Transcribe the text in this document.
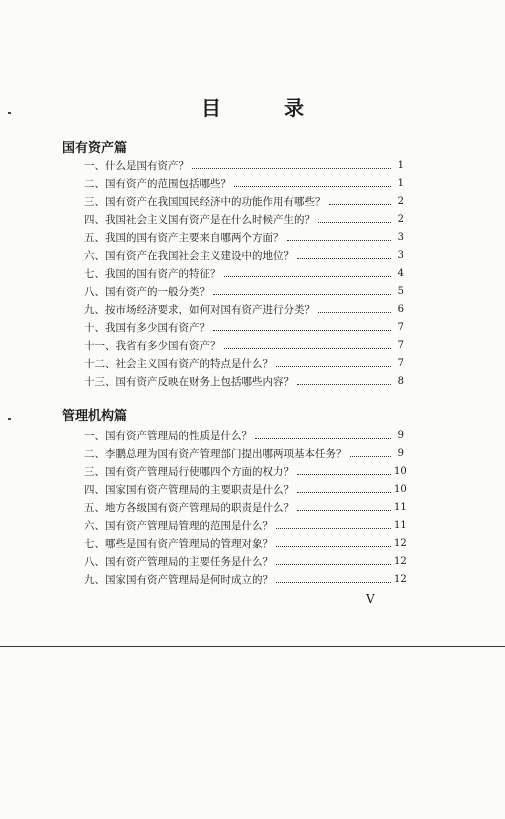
目 录
国有资产篇
一、什么是国有资产？	1
二、国有资产的范围包括哪些？	1
三、国有资产在我国国民经济中的功能作用有哪些？	2
四、我国社会主义国有资产是在什么时候产生的？	2
五、我国的国有资产主要来自哪两个方面？	3
六、国有资产在我国社会主义建设中的地位？	3
七、我国的国有资产的特征？	4
八、国有资产的一般分类？	5
九、按市场经济要求，如何对国有资产进行分类？	6
十、我国有多少国有资产？	7
十一、我省有多少国有资产？	7
十二、社会主义国有资产的特点是什么？	7
十三、国有资产反映在财务上包括哪些内容？	8
管理机构篇
一、国有资产管理局的性质是什么？	9
二、李鹏总理为国有资产管理部门提出哪两项基本任务？	9
三、国有资产管理局行使哪四个方面的权力？	10
四、国家国有资产管理局的主要职责是什么？	10
五、地方各级国有资产管理局的职责是什么？	11
六、国有资产管理局管理的范围是什么？	11
七、哪些是国有资产管理局的管理对象？	12
八、国有资产管理局的主要任务是什么？	12
九、国家国有资产管理局是何时成立的？	12
V
